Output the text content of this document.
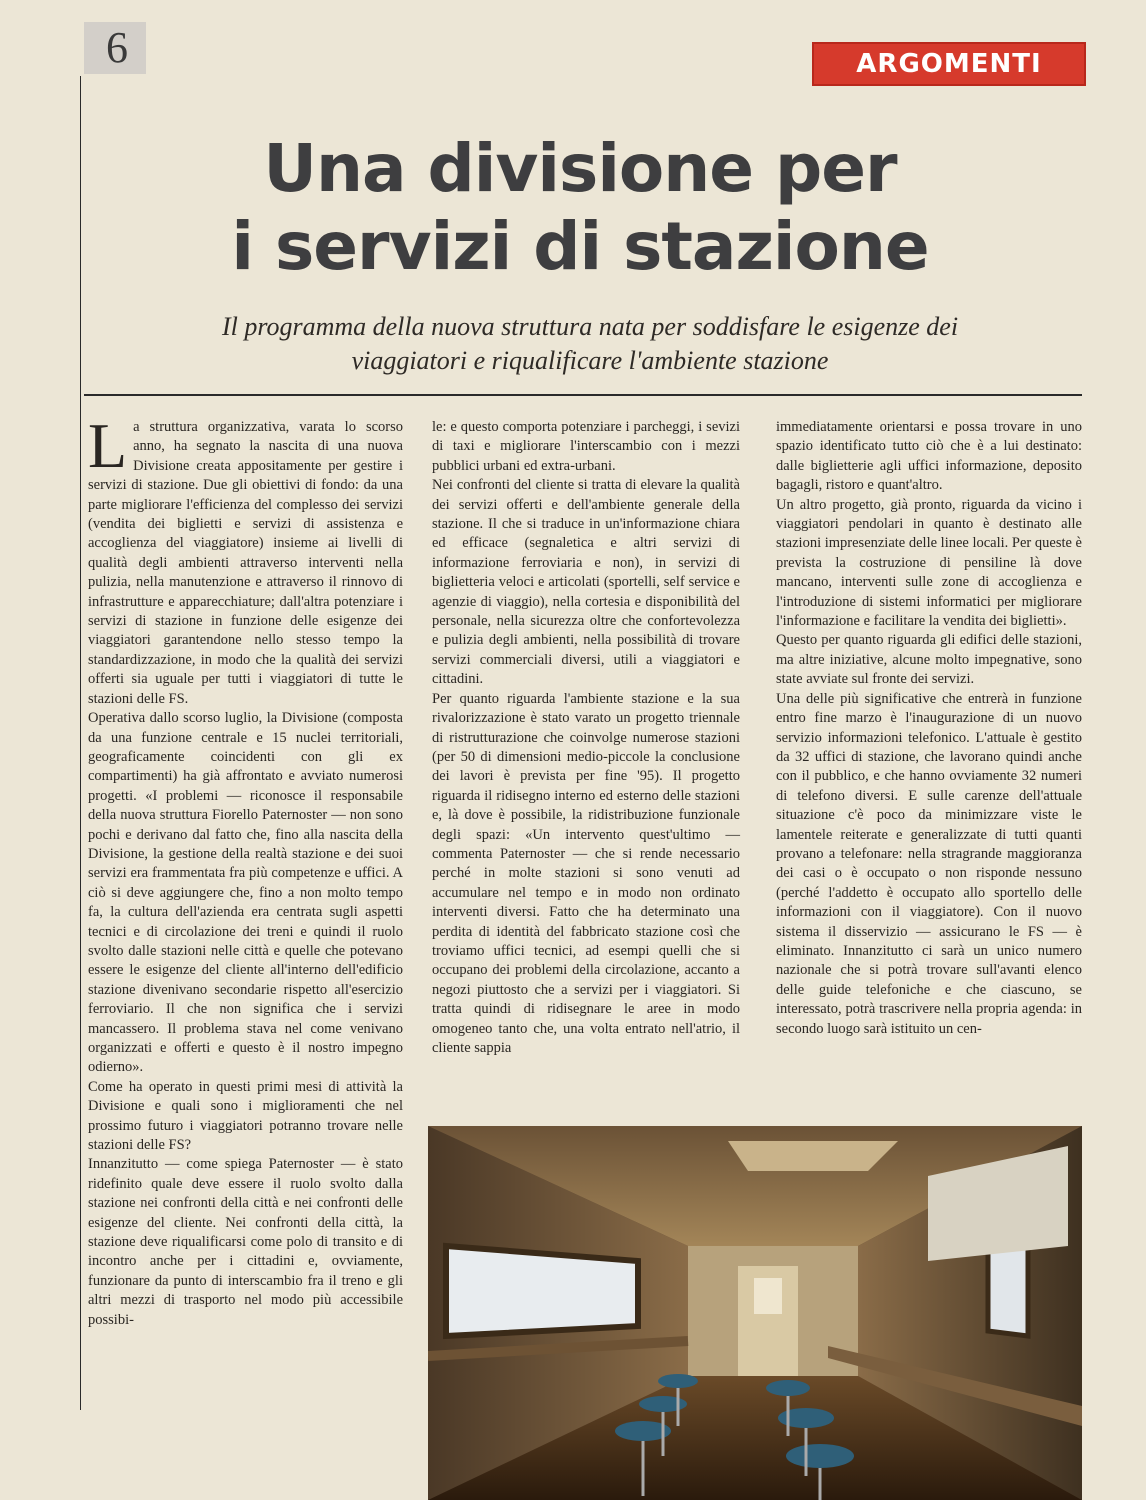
6	ARGOMENTI
Una divisione per
i servizi di stazione

Il programma della nuova struttura nata per soddisfare le esigenze dei
viaggiatori e riqualificare l'ambiente stazione

La struttura organizzativa, varata lo scorso anno, ha segnato la nascita di una nuova Divisione creata appositamente per gestire i servizi di stazione. Due gli obiettivi di fondo: da una parte migliorare l'efficienza del complesso dei servizi (vendita dei biglietti e servizi di assistenza e accoglienza del viaggiatore) insieme ai livelli di qualità degli ambienti attraverso interventi nella pulizia, nella manutenzione e attraverso il rinnovo di infrastrutture e apparecchiature; dall'altra potenziare i servizi di stazione in funzione delle esigenze dei viaggiatori garantendone nello stesso tempo la standardizzazione, in modo che la qualità dei servizi offerti sia uguale per tutti i viaggiatori di tutte le stazioni delle FS.

Operativa dallo scorso luglio, la Divisione (composta da una funzione centrale e 15 nuclei territoriali, geograficamente coincidenti con gli ex compartimenti) ha già affrontato e avviato numerosi progetti. «I problemi — riconosce il responsabile della nuova struttura Fiorello Paternoster — non sono pochi e derivano dal fatto che, fino alla nascita della Divisione, la gestione della realtà stazione e dei suoi servizi era frammentata fra più competenze e uffici. A ciò si deve aggiungere che, fino a non molto tempo fa, la cultura dell'azienda era centrata sugli aspetti tecnici e di circolazione dei treni e quindi il ruolo svolto dalle stazioni nelle città e quelle che potevano essere le esigenze del cliente all'interno dell'edificio stazione divenivano secondarie rispetto all'esercizio ferroviario. Il che non significa che i servizi mancassero. Il problema stava nel come venivano organizzati e offerti e questo è il nostro impegno odierno».

Come ha operato in questi primi mesi di attività la Divisione e quali sono i miglioramenti che nel prossimo futuro i viaggiatori potranno trovare nelle stazioni delle FS?

Innanzitutto — come spiega Paternoster — è stato ridefinito quale deve essere il ruolo svolto dalla stazione nei confronti della città e nei confronti delle esigenze del cliente. Nei confronti della città, la stazione deve riqualificarsi come polo di transito e di incontro anche per i cittadini e, ovviamente, funzionare da punto di interscambio fra il treno e gli altri mezzi di trasporto nel modo più accessibile possibi-

le: e questo comporta potenziare i parcheggi, i sevizi di taxi e migliorare l'interscambio con i mezzi pubblici urbani ed extra-urbani.

Nei confronti del cliente si tratta di elevare la qualità dei servizi offerti e dell'ambiente generale della stazione. Il che si traduce in un'informazione chiara ed efficace (segnaletica e altri servizi di informazione ferroviaria e non), in servizi di biglietteria veloci e articolati (sportelli, self service e agenzie di viaggio), nella cortesia e disponibilità del personale, nella sicurezza oltre che confortevolezza e pulizia degli ambienti, nella possibilità di trovare servizi commerciali diversi, utili a viaggiatori e cittadini.

Per quanto riguarda l'ambiente stazione e la sua rivalorizzazione è stato varato un progetto triennale di ristrutturazione che coinvolge numerose stazioni (per 50 di dimensioni medio-piccole la conclusione dei lavori è prevista per fine '95). Il progetto riguarda il ridisegno interno ed esterno delle stazioni e, là dove è possibile, la ridistribuzione funzionale degli spazi: «Un intervento quest'ultimo — commenta Paternoster — che si rende necessario perché in molte stazioni si sono venuti ad accumulare nel tempo e in modo non ordinato interventi diversi. Fatto che ha determinato una perdita di identità del fabbricato stazione così che troviamo uffici tecnici, ad esempi quelli che si occupano dei problemi della circolazione, accanto a negozi piuttosto che a servizi per i viaggiatori. Si tratta quindi di ridisegnare le aree in modo omogeneo tanto che, una volta entrato nell'atrio, il cliente sappia

immediatamente orientarsi e possa trovare in uno spazio identificato tutto ciò che è a lui destinato: dalle biglietterie agli uffici informazione, deposito bagagli, ristoro e quant'altro.

Un altro progetto, già pronto, riguarda da vicino i viaggiatori pendolari in quanto è destinato alle stazioni impresenziate delle linee locali. Per queste è prevista la costruzione di pensiline là dove mancano, interventi sulle zone di accoglienza e l'introduzione di sistemi informatici per migliorare l'informazione e facilitare la vendita dei biglietti».

Questo per quanto riguarda gli edifici delle stazioni, ma altre iniziative, alcune molto impegnative, sono state avviate sul fronte dei servizi.

Una delle più significative che entrerà in funzione entro fine marzo è l'inaugurazione di un nuovo servizio informazioni telefonico. L'attuale è gestito da 32 uffici di stazione, che lavorano quindi anche con il pubblico, e che hanno ovviamente 32 numeri di telefono diversi. E sulle carenze dell'attuale situazione c'è poco da minimizzare viste le lamentele reiterate e generalizzate di tutti quanti provano a telefonare: nella stragrande maggioranza dei casi o è occupato o non risponde nessuno (perché l'addetto è occupato allo sportello delle informazioni con il viaggiatore). Con il nuovo sistema il disservizio — assicurano le FS — è eliminato. Innanzitutto ci sarà un unico numero nazionale che si potrà trovare sull'avanti elenco delle guide telefoniche e che ciascuno, se interessato, potrà trascrivere nella propria agenda: in secondo luogo sarà istituito un cen-
